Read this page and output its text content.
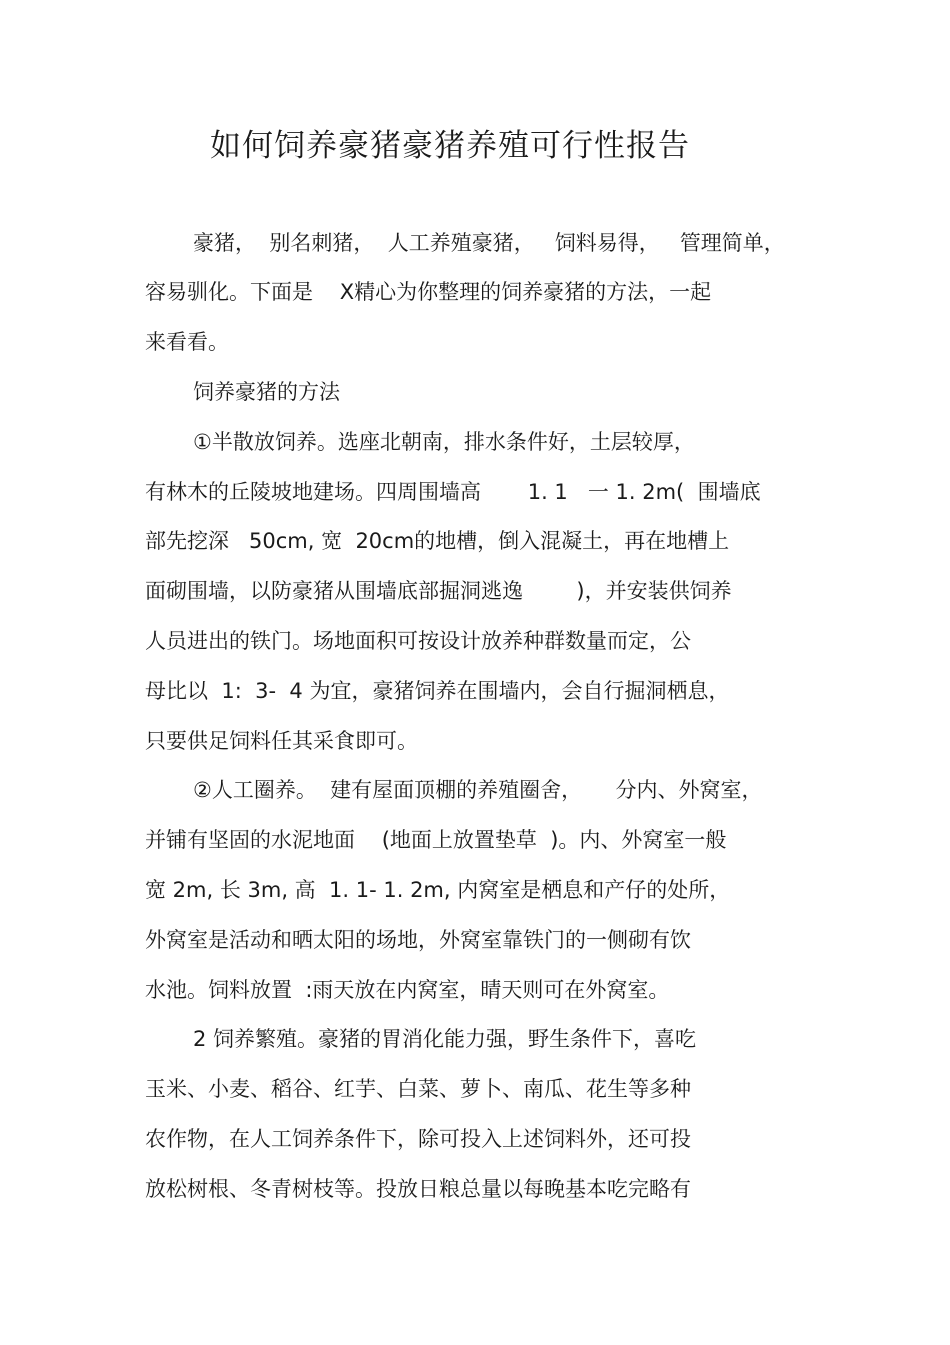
如何饲养豪猪豪猪养殖可行性报告
豪猪，  别名刺猪，  人工养殖豪猪，   饲料易得，   管理简单，
容易驯化。下面是    X精心为你整理的饲养豪猪的方法，一起
来看看。
饲养豪猪的方法
①半散放饲养。选座北朝南，排水条件好，土层较厚，
有林木的丘陵坡地建场。四周围墙高       1. 1   一 1. 2m(  围墙底
部先挖深   50cm, 宽  20cm的地槽，倒入混凝土，再在地槽上
面砌围墙，以防豪猪从围墙底部掘洞逃逸        )，并安装供饲养
人员进出的铁门。场地面积可按设计放养种群数量而定，公
母比以  1:  3-  4 为宜，豪猪饲养在围墙内，会自行掘洞栖息，
只要供足饲料任其采食即可。
②人工圈养。  建有屋面顶棚的养殖圈舍，     分内、外窝室，
并铺有坚固的水泥地面    (地面上放置垫草  )。内、外窝室一般
宽 2m, 长 3m, 高  1. 1- 1. 2m, 内窝室是栖息和产仔的处所，
外窝室是活动和晒太阳的场地，外窝室靠铁门的一侧砌有饮
水池。饲料放置  :雨天放在内窝室，晴天则可在外窝室。
2 饲养繁殖。豪猪的胃消化能力强，野生条件下，喜吃
玉米、小麦、稻谷、红芋、白菜、萝卜、南瓜、花生等多种
农作物，在人工饲养条件下，除可投入上述饲料外，还可投
放松树根、冬青树枝等。投放日粮总量以每晚基本吃完略有
